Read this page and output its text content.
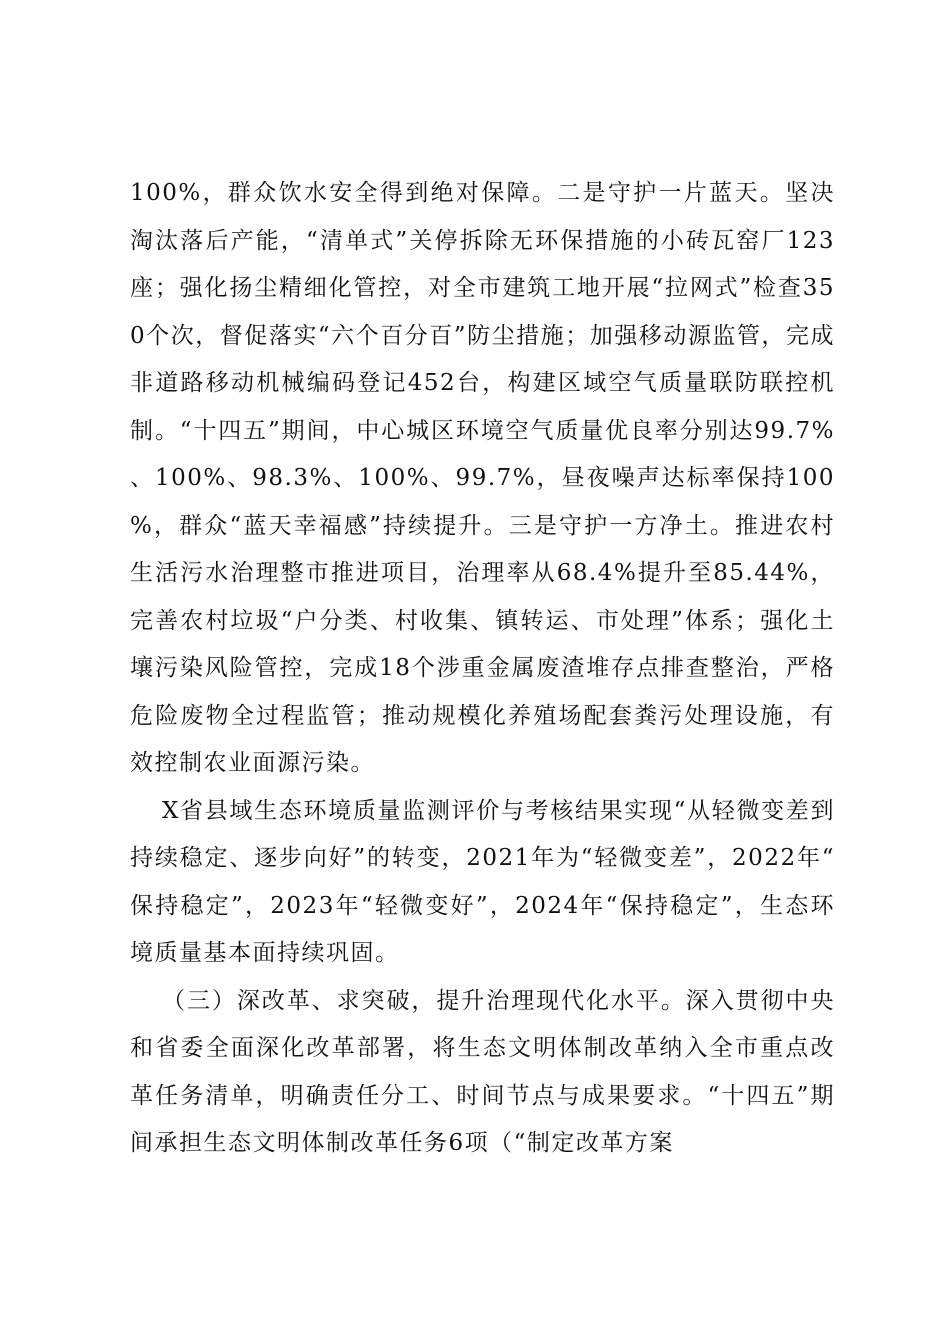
100%，群众饮水安全得到绝对保障。二是守护一片蓝天。坚决淘汰落后产能，“清单式”关停拆除无环保措施的小砖瓦窑厂123座；强化扬尘精细化管控，对全市建筑工地开展“拉网式”检查350个次，督促落实“六个百分百”防尘措施；加强移动源监管，完成非道路移动机械编码登记452台，构建区域空气质量联防联控机制。“十四五”期间，中心城区环境空气质量优良率分别达99.7%、100%、98.3%、100%、99.7%，昼夜噪声达标率保持100%，群众“蓝天幸福感”持续提升。三是守护一方净土。推进农村生活污水治理整市推进项目，治理率从68.4%提升至85.44%，完善农村垃圾“户分类、村收集、镇转运、市处理”体系；强化土壤污染风险管控，完成18个涉重金属废渣堆存点排查整治，严格危险废物全过程监管；推动规模化养殖场配套粪污处理设施，有效控制农业面源污染。

X省县域生态环境质量监测评价与考核结果实现“从轻微变差到持续稳定、逐步向好”的转变，2021年为“轻微变差”，2022年“保持稳定”，2023年“轻微变好”，2024年“保持稳定”，生态环境质量基本面持续巩固。

（三）深改革、求突破，提升治理现代化水平。深入贯彻中央和省委全面深化改革部署，将生态文明体制改革纳入全市重点改革任务清单，明确责任分工、时间节点与成果要求。“十四五”期间承担生态文明体制改革任务6项（“制定改革方案
